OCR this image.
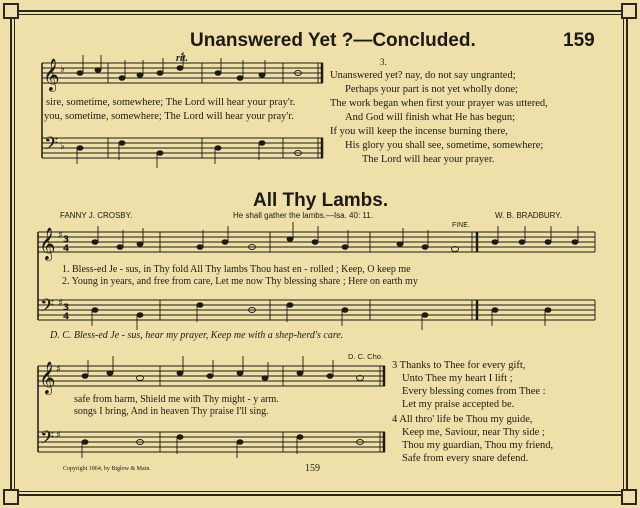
Unanswered Yet ?—Concluded.	159
rit.
𝄞
𝄢
𝄞
𝄢
𝄞
𝄢
♭
♭
♯
♯
♯
♯
3
4
3
4
sire, sometime, somewhere; The Lord will hear your pray'r.
you, sometime, somewhere; The Lord will hear your pray'r.
3.
Unanswered yet? nay, do not say ungranted;
Perhaps your part is not yet wholly done;
The work began when first your prayer was uttered,
And God will finish what He has begun;
If you will keep the incense burning there,
His glory you shall see, sometime, somewhere;
The Lord will hear your prayer.
All Thy Lambs.
FANNY J. CROSBY.	He shall gather the lambs.—Isa. 40: 11.	W. B. BRADBURY.
FINE.
1. Bless-ed Je - sus, in Thy fold All Thy lambs Thou hast en - rolled ; Keep, O keep me
2. Young in years, and free from care, Let me now Thy blessing share ; Here on earth my
D. C. Bless-ed Je - sus, hear my prayer, Keep me with a shep-herd's care.
D. C. Cho.
safe from harm, Shield me with Thy might - y arm.
songs I bring, And in heaven Thy praise I'll sing.
3 Thanks to Thee for every gift,
Unto Thee my heart I lift ;
Every blessing comes from Thee :
Let my praise accepted be.
4 All thro' life be Thou my guide,
Keep me, Saviour, near Thy side ;
Thou my guardian, Thou my friend,
Safe from every snare defend.
Copyright 1864, by Biglow & Main.	159
